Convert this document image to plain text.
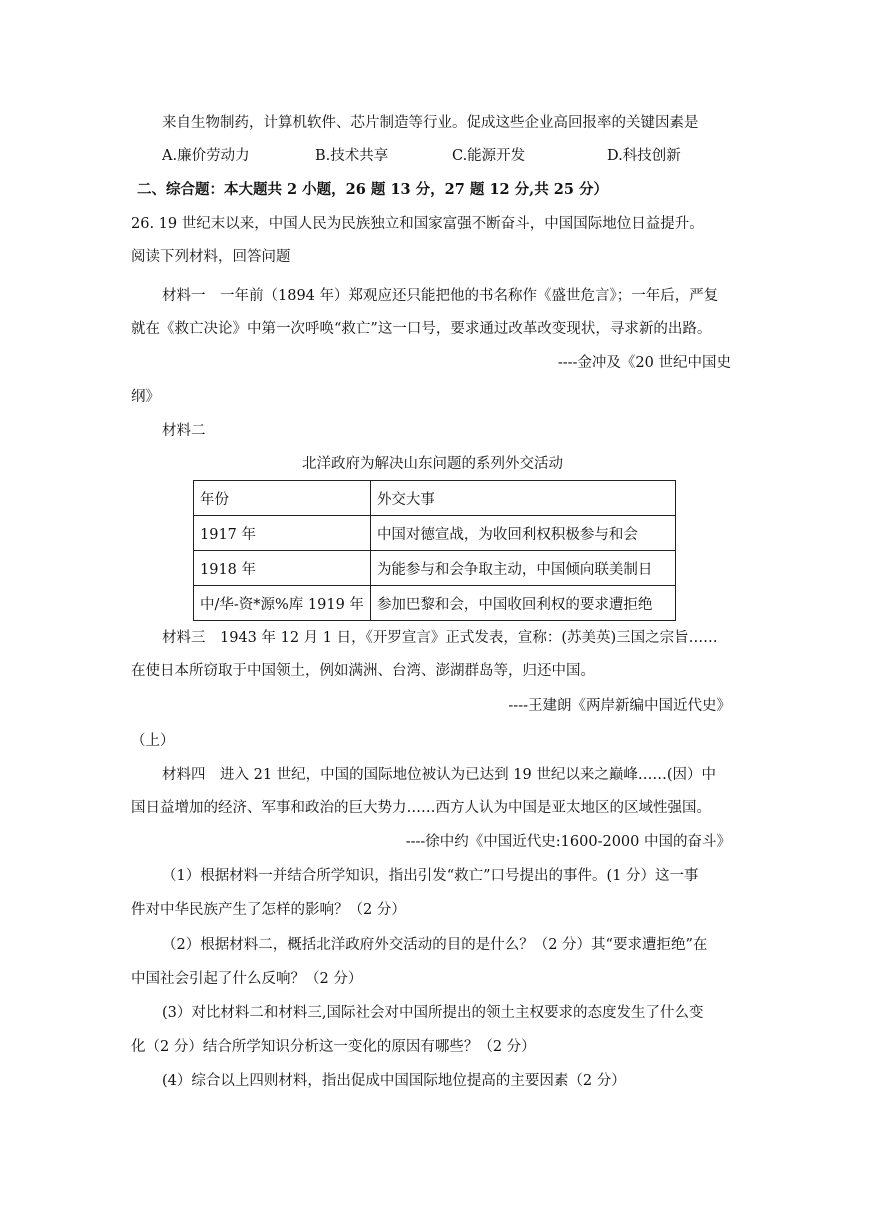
来自生物制药，计算机软件、芯片制造等行业。促成这些企业高回报率的关键因素是
A.廉价劳动力	B.技术共享	C.能源开发	D.科技创新
二、综合题：本大题共 2 小题，26 题 13 分，27 题 12 分,共 25 分）
26. 19 世纪末以来，中国人民为民族独立和国家富强不断奋斗，中国国际地位日益提升。
阅读下列材料，回答问题
材料一　一年前（1894 年）郑观应还只能把他的书名称作《盛世危言》；一年后，严复
就在《救亡决论》中第一次呼唤“救亡”这一口号，要求通过改革改变现状，寻求新的出路。
----金冲及《20 世纪中国史
纲》
材料二
北洋政府为解决山东问题的系列外交活动
年份	外交大事
1917 年	中国对德宣战，为收回利权积极参与和会
1918 年	为能参与和会争取主动，中国倾向联美制日
中/华-资*源%库 1919 年	参加巴黎和会，中国收回利权的要求遭拒绝
材料三　1943 年 12 月 1 日，《开罗宣言》正式发表，宣称：(苏美英)三国之宗旨……
在使日本所窃取于中国领土，例如满洲、台湾、澎湖群岛等，归还中国。
----王建朗《两岸新编中国近代史》
（上）
材料四　进入 21 世纪，中国的国际地位被认为已达到 19 世纪以来之巅峰……(因）中
国日益增加的经济、军事和政治的巨大势力……西方人认为中国是亚太地区的区域性强国。
----徐中约《中国近代史:1600-2000 中国的奋斗》
（1）根据材料一并结合所学知识，指出引发“救亡”口号提出的事件。(1 分）这一事
件对中华民族产生了怎样的影响？（2 分）
（2）根据材料二，概括北洋政府外交活动的目的是什么？（2 分）其“要求遭拒绝”在
中国社会引起了什么反响？（2 分）
(3）对比材料二和材料三,国际社会对中国所提出的领土主权要求的态度发生了什么变
化（2 分）结合所学知识分析这一变化的原因有哪些？（2 分）
(4）综合以上四则材料，指出促成中国国际地位提高的主要因素（2 分）
